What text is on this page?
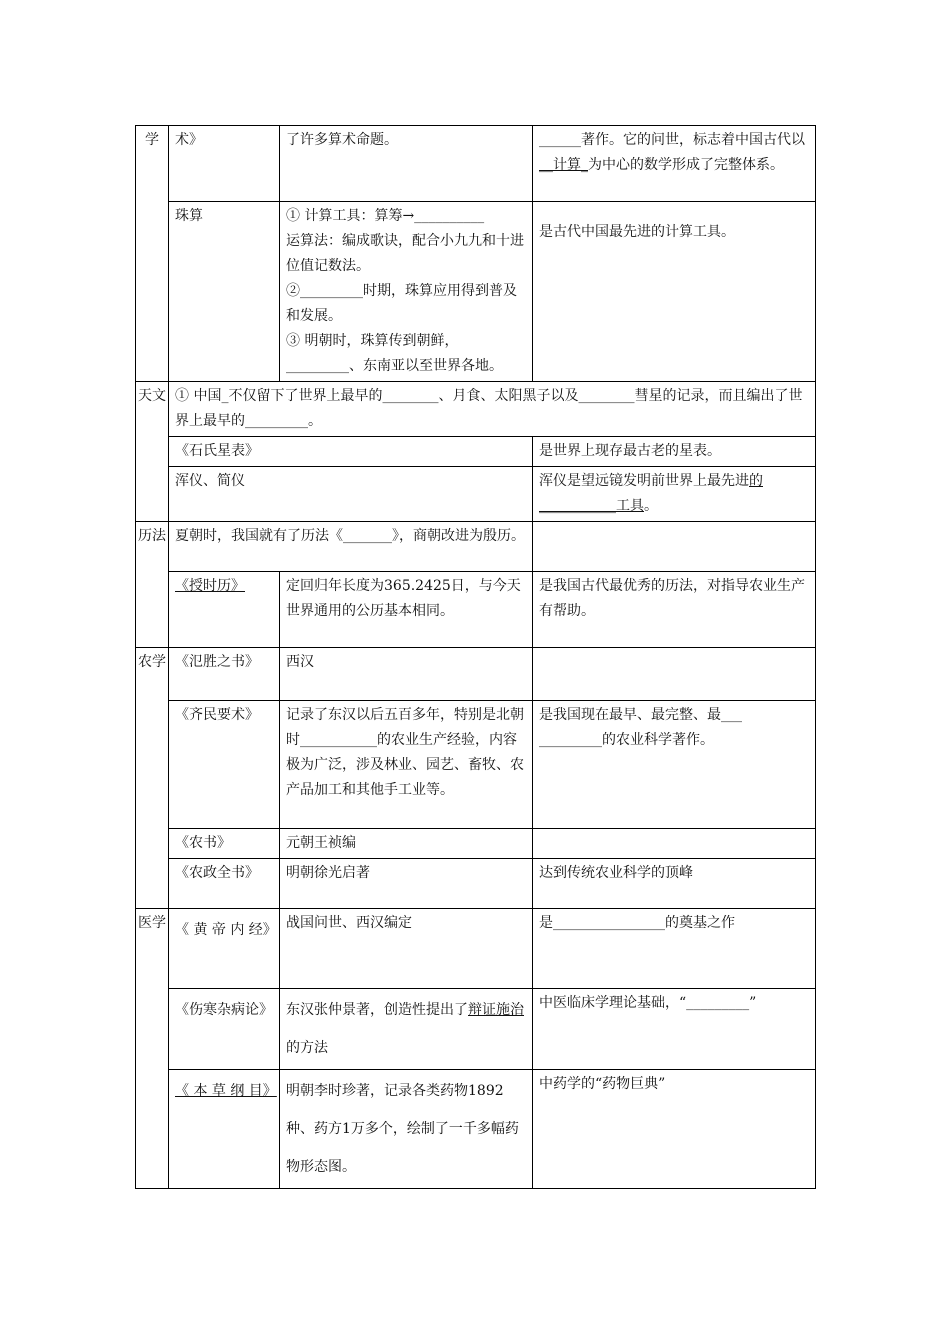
学	术》	了许多算术命题。	______著作。它的问世，标志着中国古代以__计算_为中心的数学形成了完整体系。
	珠算	① 计算工具：算筹→__________

运算法：编成歌诀，配合小九九和十进位值记数法。

②_________时期，珠算应用得到普及和发展。

③ 明朝时，珠算传到朝鲜，_________、东南亚以至世界各地。	是古代中国最先进的计算工具。
天文	① 中国_不仅留下了世界上最早的________、月食、太阳黑子以及________彗星的记录，而且编出了世界上最早的_________。		
	《石氏星表》		是世界上现存最古老的星表。
	浑仪、简仪		浑仪是望远镜发明前世界上最先进的___________工具。
历法	夏朝时，我国就有了历法《_______》，商朝改进为殷历。		
	《授时历》	定回归年长度为365.2425日，与今天世界通用的公历基本相同。	是我国古代最优秀的历法，对指导农业生产有帮助。
农学	《氾胜之书》	西汉	
	《齐民要术》	记录了东汉以后五百多年，特别是北朝时___________的农业生产经验，内容极为广泛，涉及林业、园艺、畜牧、农产品加工和其他手工业等。	是我国现在最早、最完整、最___ _________的农业科学著作。
	《农书》	元朝王祯编	
	《农政全书》	明朝徐光启著	达到传统农业科学的顶峰
医学	《 黄 帝 内 经》	战国问世、西汉编定	是________________的奠基之作
	《伤寒杂病论》	东汉张仲景著，创造性提出了辩证施治的方法	中医临床学理论基础，“_________”
	《 本 草 纲 目》	明朝李时珍著，记录各类药物1892种、药方1万多个，绘制了一千多幅药物形态图。	中药学的“药物巨典”
